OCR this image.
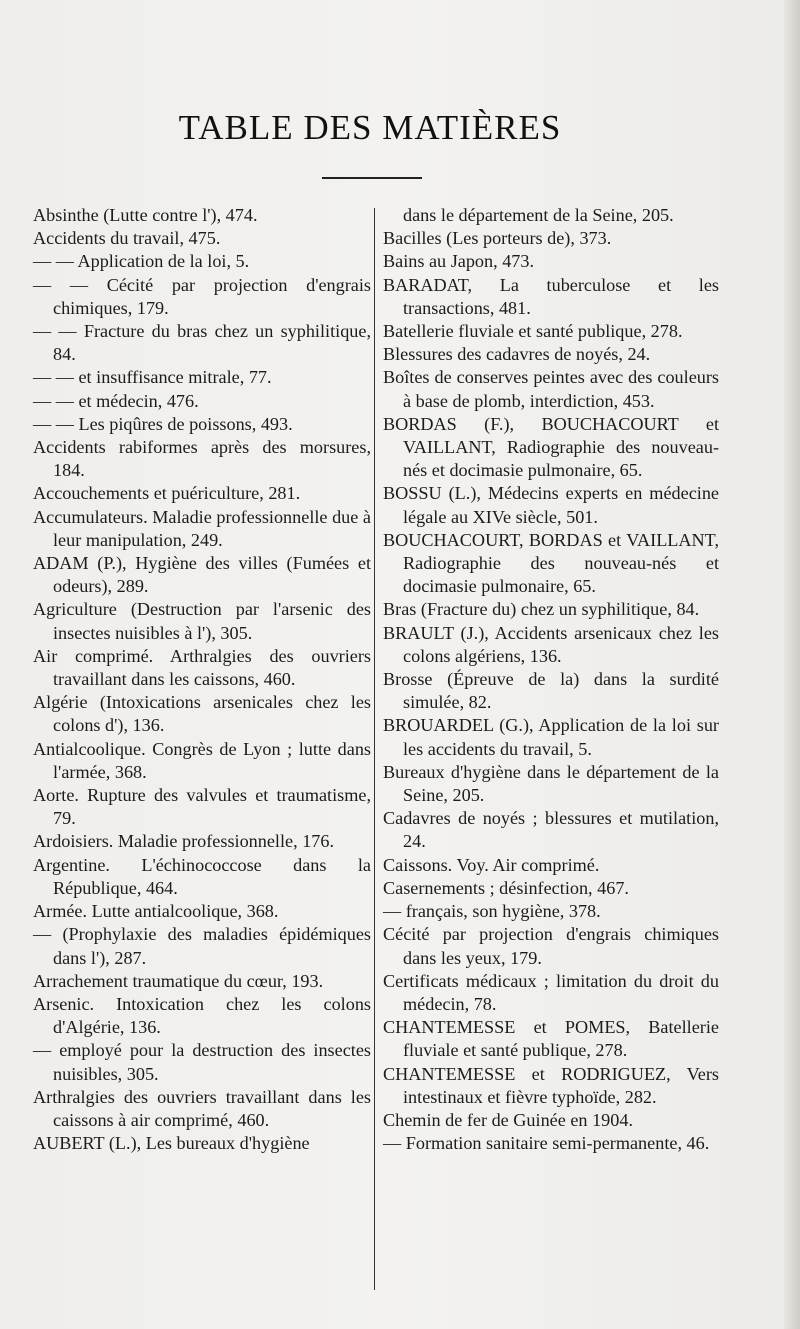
TABLE DES MATIÈRES
Absinthe (Lutte contre l'), 474.
Accidents du travail, 475.
— — Application de la loi, 5.
— — Cécité par projection d'engrais chimiques, 179.
— — Fracture du bras chez un syphilitique, 84.
— — et insuffisance mitrale, 77.
— — et médecin, 476.
— — Les piqûres de poissons, 493.
Accidents rabiformes après des morsures, 184.
Accouchements et puériculture, 281.
Accumulateurs. Maladie professionnelle due à leur manipulation, 249.
ADAM (P.), Hygiène des villes (Fumées et odeurs), 289.
Agriculture (Destruction par l'arsenic des insectes nuisibles à l'), 305.
Air comprimé. Arthralgies des ouvriers travaillant dans les caissons, 460.
Algérie (Intoxications arsenicales chez les colons d'), 136.
Antialcoolique. Congrès de Lyon ; lutte dans l'armée, 368.
Aorte. Rupture des valvules et traumatisme, 79.
Ardoisiers. Maladie professionnelle, 176.
Argentine. L'échinococcose dans la République, 464.
Armée. Lutte antialcoolique, 368.
— (Prophylaxie des maladies épidémiques dans l'), 287.
Arrachement traumatique du cœur, 193.
Arsenic. Intoxication chez les colons d'Algérie, 136.
— employé pour la destruction des insectes nuisibles, 305.
Arthralgies des ouvriers travaillant dans les caissons à air comprimé, 460.
AUBERT (L.), Les bureaux d'hygiène
dans le département de la Seine, 205.
Bacilles (Les porteurs de), 373.
Bains au Japon, 473.
BARADAT, La tuberculose et les transactions, 481.
Batellerie fluviale et santé publique, 278.
Blessures des cadavres de noyés, 24.
Boîtes de conserves peintes avec des couleurs à base de plomb, interdiction, 453.
BORDAS (F.), BOUCHACOURT et VAILLANT, Radiographie des nouveau-nés et docimasie pulmonaire, 65.
BOSSU (L.), Médecins experts en médecine légale au XIVe siècle, 501.
BOUCHACOURT, BORDAS et VAILLANT, Radiographie des nouveau-nés et docimasie pulmonaire, 65.
Bras (Fracture du) chez un syphilitique, 84.
BRAULT (J.), Accidents arsenicaux chez les colons algériens, 136.
Brosse (Épreuve de la) dans la surdité simulée, 82.
BROUARDEL (G.), Application de la loi sur les accidents du travail, 5.
Bureaux d'hygiène dans le département de la Seine, 205.
Cadavres de noyés ; blessures et mutilation, 24.
Caissons. Voy. Air comprimé.
Casernements ; désinfection, 467.
— français, son hygiène, 378.
Cécité par projection d'engrais chimiques dans les yeux, 179.
Certificats médicaux ; limitation du droit du médecin, 78.
CHANTEMESSE et POMES, Batellerie fluviale et santé publique, 278.
CHANTEMESSE et RODRIGUEZ, Vers intestinaux et fièvre typhoïde, 282.
Chemin de fer de Guinée en 1904.
— Formation sanitaire semi-permanente, 46.
